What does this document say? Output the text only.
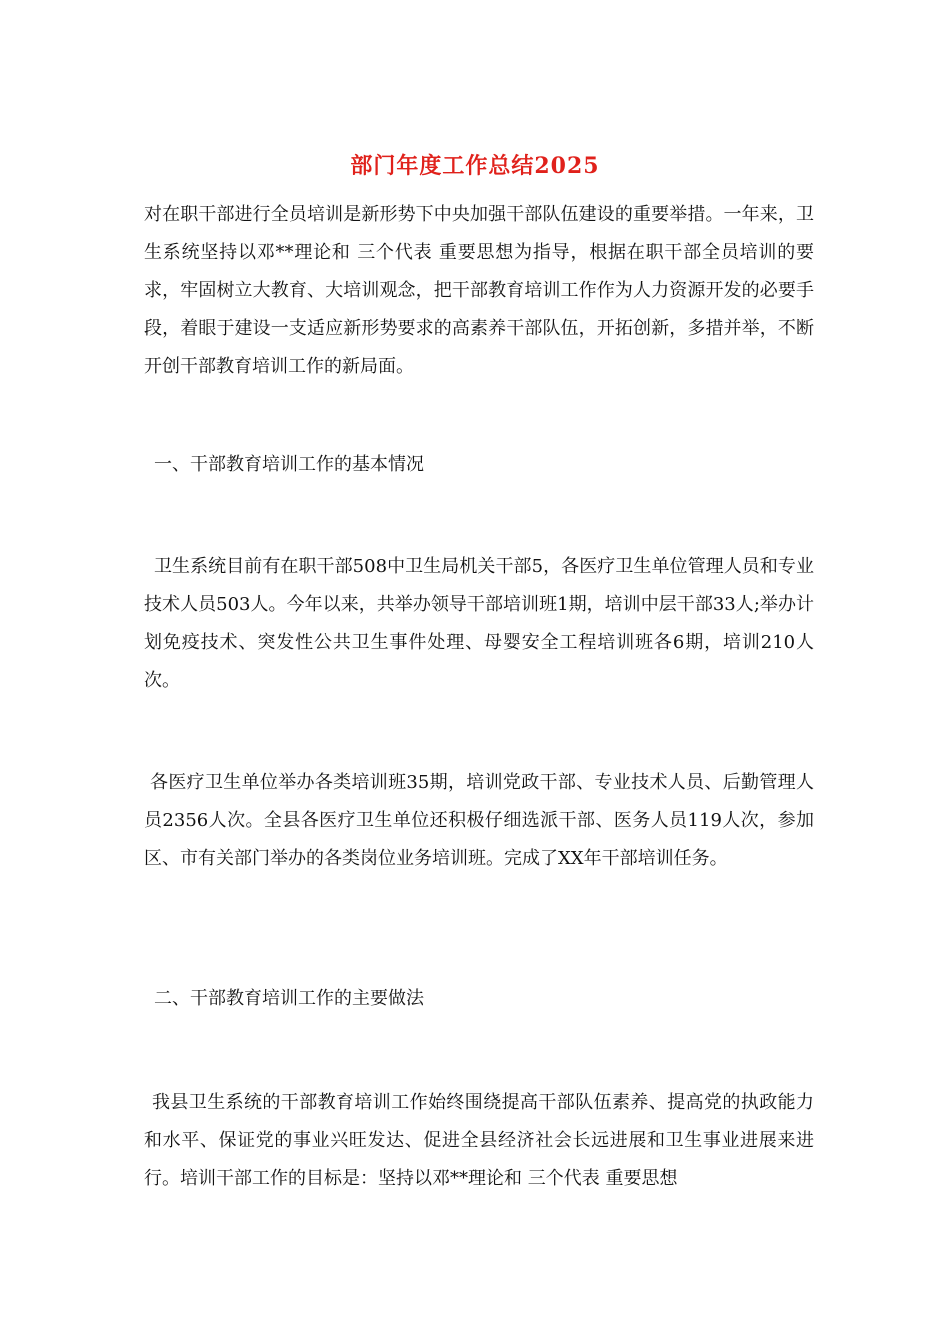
部门年度工作总结2025

对在职干部进行全员培训是新形势下中央加强干部队伍建设的重要举措。一年来，卫生系统坚持以邓**理论和 三个代表 重要思想为指导，根据在职干部全员培训的要求，牢固树立大教育、大培训观念，把干部教育培训工作作为人力资源开发的必要手段，着眼于建设一支适应新形势要求的高素养干部队伍，开拓创新，多措并举，不断开创干部教育培训工作的新局面。

一、干部教育培训工作的基本情况

卫生系统目前有在职干部508中卫生局机关干部5，各医疗卫生单位管理人员和专业技术人员503人。今年以来，共举办领导干部培训班1期，培训中层干部33人;举办计划免疫技术、突发性公共卫生事件处理、母婴安全工程培训班各6期，培训210人次。

各医疗卫生单位举办各类培训班35期，培训党政干部、专业技术人员、后勤管理人员2356人次。全县各医疗卫生单位还积极仔细选派干部、医务人员119人次，参加区、市有关部门举办的各类岗位业务培训班。完成了XX年干部培训任务。

二、干部教育培训工作的主要做法

我县卫生系统的干部教育培训工作始终围绕提高干部队伍素养、提高党的执政能力和水平、保证党的事业兴旺发达、促进全县经济社会长远进展和卫生事业进展来进行。培训干部工作的目标是：坚持以邓**理论和 三个代表 重要思想
